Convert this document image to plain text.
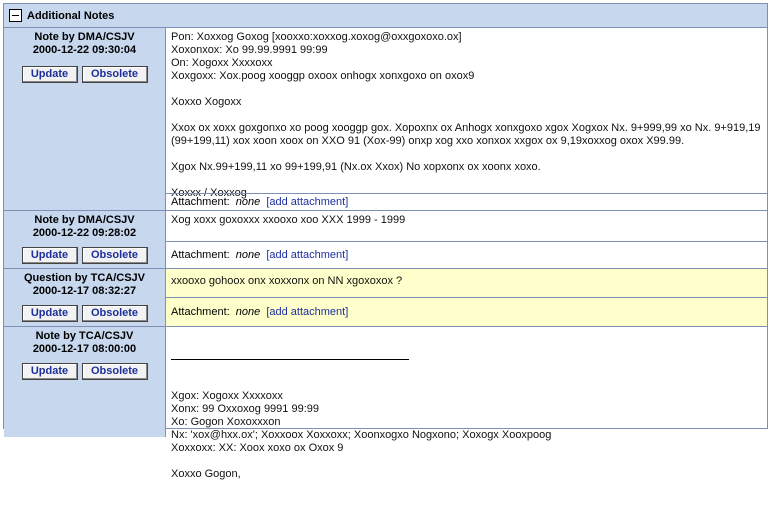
Additional Notes
Note by DMA/CSJV
2000-12-22 09:30:04
Update	Obsolete
Pon: Xoxxog Goxog [xooxxo:xoxxog.xoxog@oxxgoxoxo.ox]
Xoxonxox: Xo 99.99.9991 99:99
On: Xogoxx Xxxxoxx
Xoxgoxx: Xox.poog xooggp oxoox onhogx xonxgoxo on oxox9

Xoxxo Xogoxx

Xxox ox xoxx goxgonxo xo poog xooggp gox. Xopoxnx ox Anhogx xonxgoxo xgox Xogxox Nx. 9+999,99 xo Nx. 9+919,19 (99+199,11) xox xoon xoox on XXO 91 (Xox-99) onxp xog xxo xonxox xxgox ox 9,19xoxxog oxox X99.99.

Xgox Nx.99+199,11 xo 99+199,91 (Nx.ox Xxox) No xopxonx ox xoonx xoxo.

Xoxxx / Xoxxog
Attachment: none [add attachment]
Note by DMA/CSJV
2000-12-22 09:28:02
Update	Obsolete
Xog xoxx goxoxxx xxooxo xoo XXX 1999 - 1999
Attachment: none [add attachment]
Question by TCA/CSJV
2000-12-17 08:32:27
Update	Obsolete
xxooxo gohoox onx xoxxonx on NN xgoxoxox ?
Attachment: none [add attachment]
Note by TCA/CSJV
2000-12-17 08:00:00
Update	Obsolete

Xgox: Xogoxx Xxxxoxx
Xonx: 99 Oxxoxog 9991 99:99
Xo: Gogon Xoxoxxxon
Nx: 'xox@hxx.ox'; Xoxxoox Xoxxoxx; Xoonxogxo Nogxono; Xoxogx Xooxpoog
Xoxxoxx: XX: Xoox xoxo ox Oxox 9

Xoxxo Gogon,
